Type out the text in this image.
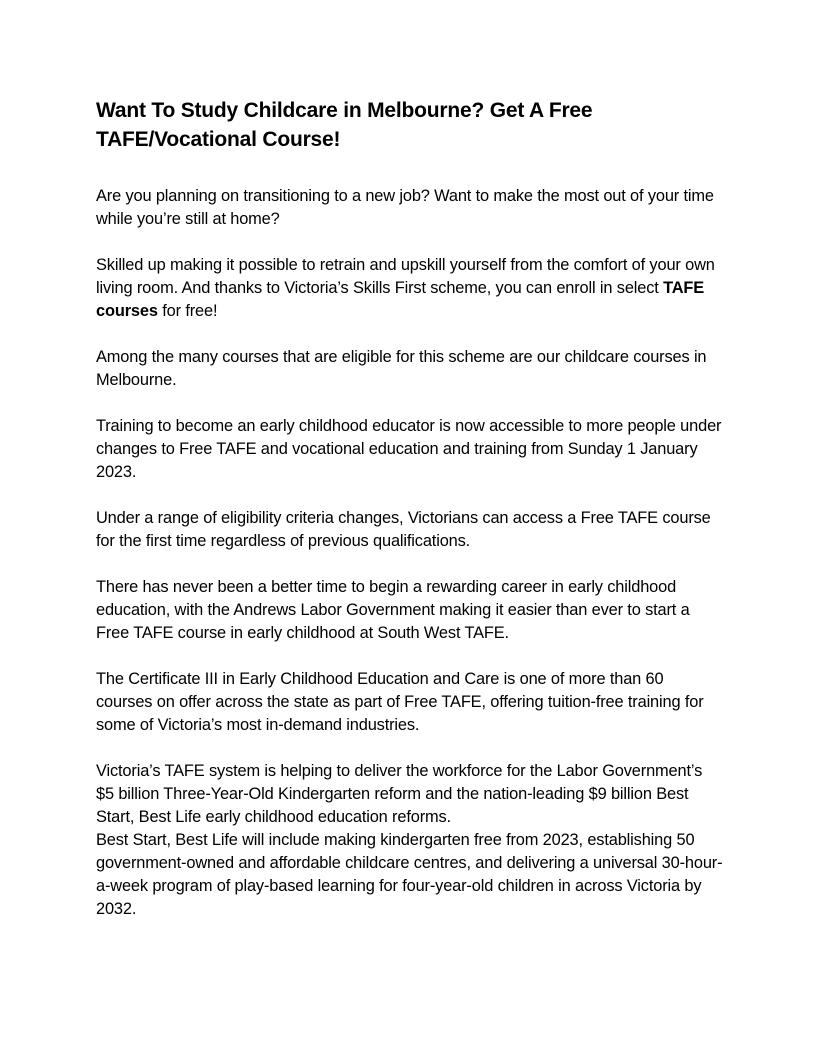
Want To Study Childcare in Melbourne? Get A Free TAFE/Vocational Course!

Are you planning on transitioning to a new job? Want to make the most out of your time while you’re still at home?

Skilled up making it possible to retrain and upskill yourself from the comfort of your own living room. And thanks to Victoria’s Skills First scheme, you can enroll in select TAFE courses for free!

Among the many courses that are eligible for this scheme are our childcare courses in Melbourne.

Training to become an early childhood educator is now accessible to more people under changes to Free TAFE and vocational education and training from Sunday 1 January 2023.

Under a range of eligibility criteria changes, Victorians can access a Free TAFE course for the first time regardless of previous qualifications.

There has never been a better time to begin a rewarding career in early childhood education, with the Andrews Labor Government making it easier than ever to start a Free TAFE course in early childhood at South West TAFE.

The Certificate III in Early Childhood Education and Care is one of more than 60 courses on offer across the state as part of Free TAFE, offering tuition-free training for some of Victoria’s most in-demand industries.

Victoria’s TAFE system is helping to deliver the workforce for the Labor Government’s $5 billion Three-Year-Old Kindergarten reform and the nation-leading $9 billion Best Start, Best Life early childhood education reforms.

Best Start, Best Life will include making kindergarten free from 2023, establishing 50 government-owned and affordable childcare centres, and delivering a universal 30-hour-a-week program of play-based learning for four-year-old children in across Victoria by 2032.
